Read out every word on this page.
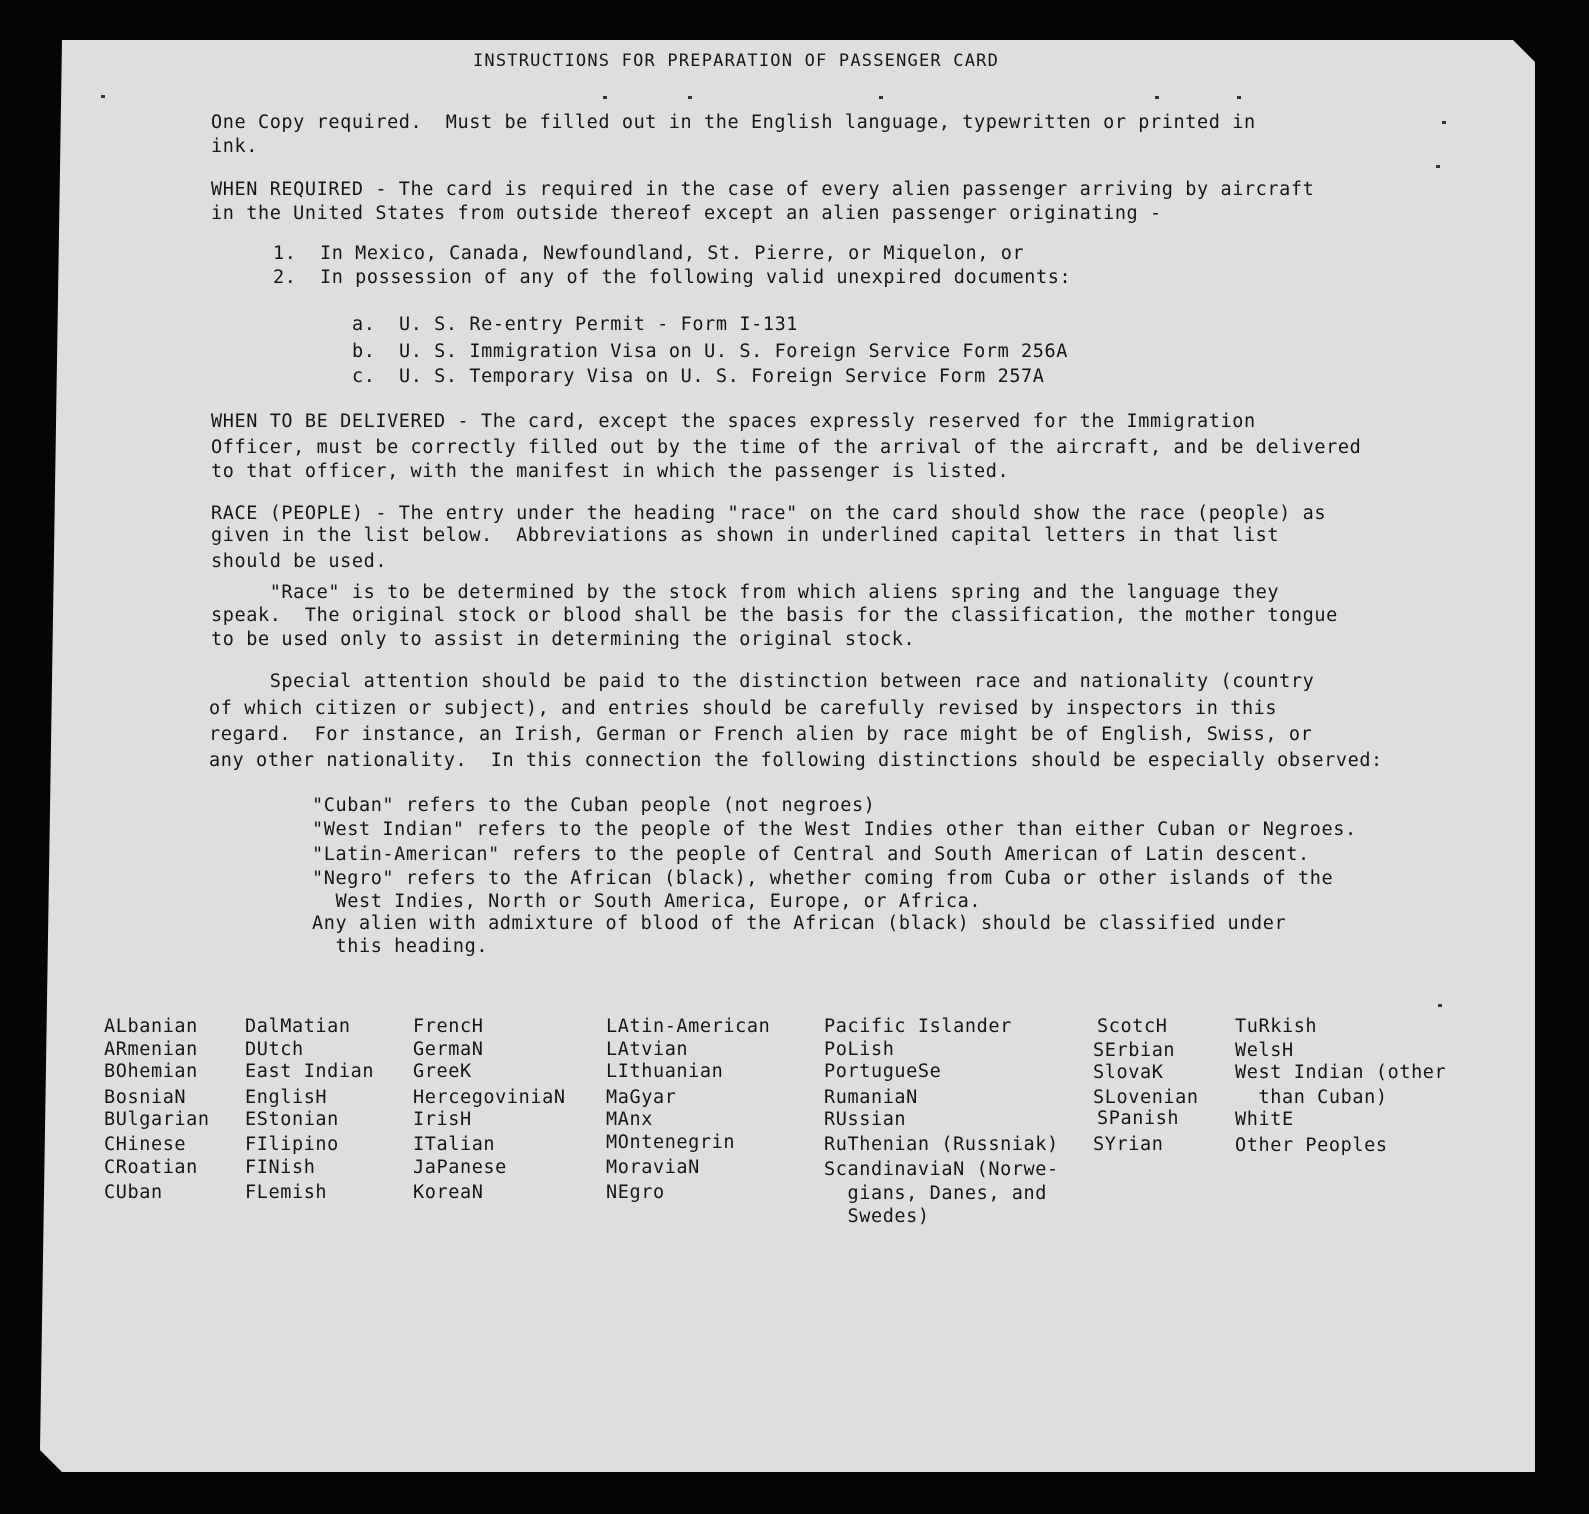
INSTRUCTIONS FOR PREPARATION OF PASSENGER CARD
One Copy required.  Must be filled out in the English language, typewritten or printed in
ink.
WHEN REQUIRED - The card is required in the case of every alien passenger arriving by aircraft
in the United States from outside thereof except an alien passenger originating -
1.  In Mexico, Canada, Newfoundland, St. Pierre, or Miquelon, or
2.  In possession of any of the following valid unexpired documents:
a.  U. S. Re-entry Permit - Form I-131
b.  U. S. Immigration Visa on U. S. Foreign Service Form 256A
c.  U. S. Temporary Visa on U. S. Foreign Service Form 257A
WHEN TO BE DELIVERED - The card, except the spaces expressly reserved for the Immigration
Officer, must be correctly filled out by the time of the arrival of the aircraft, and be delivered
to that officer, with the manifest in which the passenger is listed.
RACE (PEOPLE) - The entry under the heading "race" on the card should show the race (people) as
given in the list below.  Abbreviations as shown in underlined capital letters in that list
should be used.
"Race" is to be determined by the stock from which aliens spring and the language they
speak.  The original stock or blood shall be the basis for the classification, the mother tongue
to be used only to assist in determining the original stock.
Special attention should be paid to the distinction between race and nationality (country
of which citizen or subject), and entries should be carefully revised by inspectors in this
regard.  For instance, an Irish, German or French alien by race might be of English, Swiss, or
any other nationality.  In this connection the following distinctions should be especially observed:
"Cuban" refers to the Cuban people (not negroes)
"West Indian" refers to the people of the West Indies other than either Cuban or Negroes.
"Latin-American" refers to the people of Central and South American of Latin descent.
"Negro" refers to the African (black), whether coming from Cuba or other islands of the
West Indies, North or South America, Europe, or Africa.
Any alien with admixture of blood of the African (black) should be classified under
this heading.
ALbanian
ARmenian
BOhemian
BosniaN
BUlgarian
CHinese
CRoatian
CUban
DalMatian
DUtch
East Indian
EnglisH
EStonian
FIlipino
FINish
FLemish
FrencH
GermaN
GreeK
HercegoviniaN
IrisH
ITalian
JaPanese
KoreaN
LAtin-American
LAtvian
LIthuanian
MaGyar
MAnx
MOntenegrin
MoraviaN
NEgro
Pacific Islander
PoLish
PortugueSe
RumaniaN
RUssian
RuThenian (Russniak)
ScandinaviaN (Norwe-
gians, Danes, and
Swedes)
ScotcH
SErbian
SlovaK
SLovenian
SPanish
SYrian
TuRkish
WelsH
West Indian (other
than Cuban)
WhitE
Other Peoples
